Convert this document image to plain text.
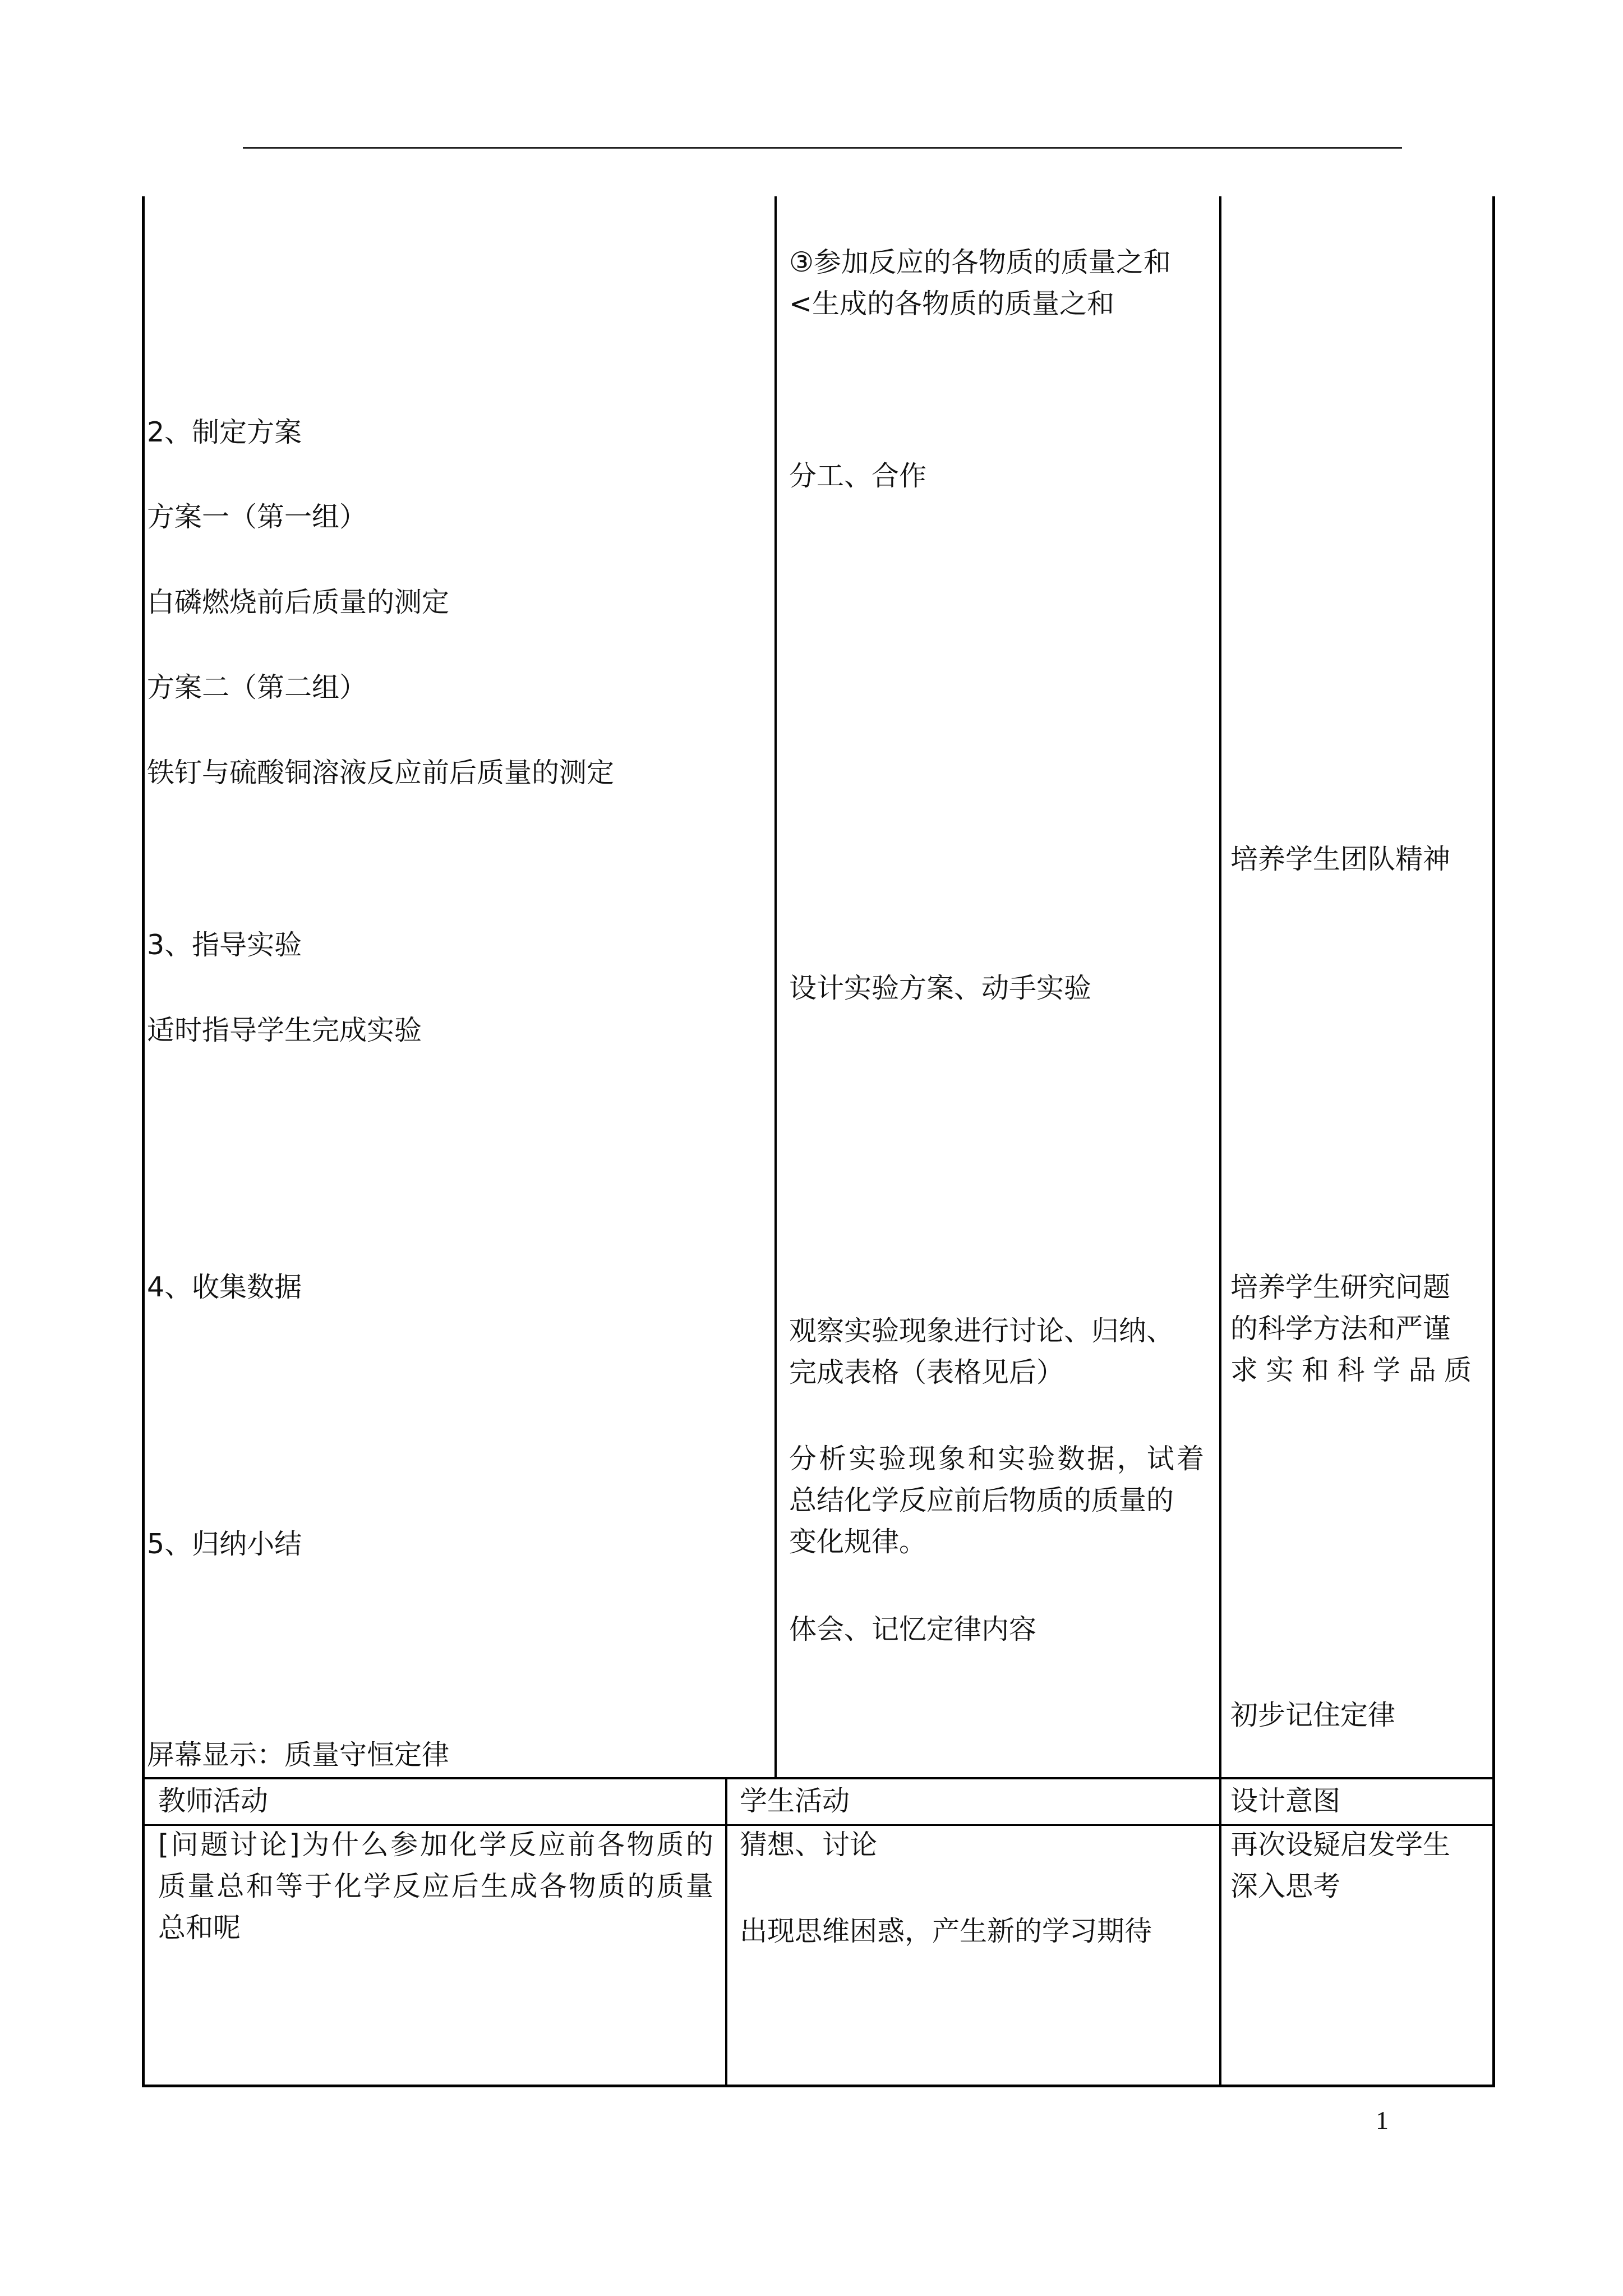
2、制定方案
方案一（第一组）
白磷燃烧前后质量的测定
方案二（第二组）
铁钉与硫酸铜溶液反应前后质量的测定
3、指导实验
适时指导学生完成实验
4、收集数据
5、归纳小结
屏幕显示：质量守恒定律
③参加反应的各物质的质量之和
<生成的各物质的质量之和
分工、合作
设计实验方案、动手实验
观察实验现象进行讨论、归纳、
完成表格（表格见后）
分析实验现象和实验数据，试着
总结化学反应前后物质的质量的
变化规律。
体会、记忆定律内容
培养学生团队精神
培养学生研究问题
的科学方法和严谨
求实和科学品质
初步记住定律
教师活动	学生活动	设计意图
[问题讨论]为什么参加化学反应前各物质的
质量总和等于化学反应后生成各物质的质量
总和呢
猜想、讨论
出现思维困惑，产生新的学习期待
再次设疑启发学生
深入思考
1
